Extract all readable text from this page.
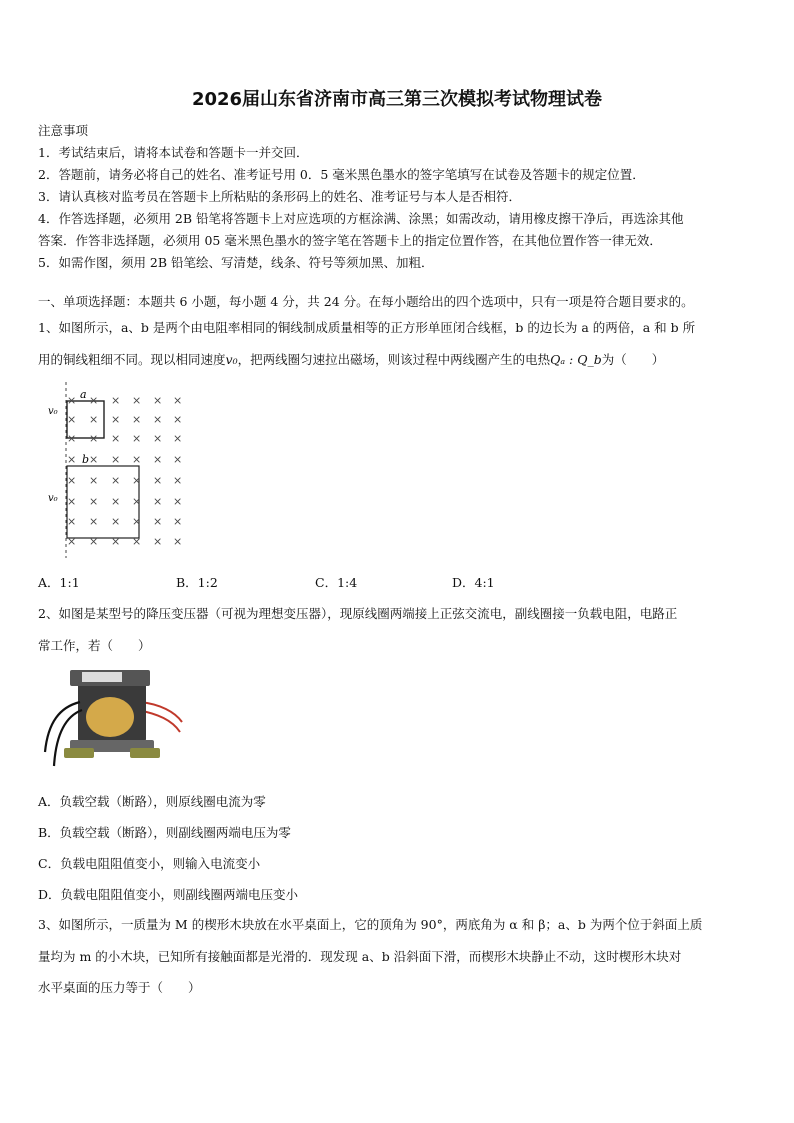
2026届山东省济南市高三第三次模拟考试物理试卷
注意事项
1．考试结束后，请将本试卷和答题卡一并交回．
2．答题前，请务必将自己的姓名、准考证号用 0．5 毫米黑色墨水的签字笔填写在试卷及答题卡的规定位置．
3．请认真核对监考员在答题卡上所粘贴的条形码上的姓名、准考证号与本人是否相符．
4．作答选择题，必须用 2B 铅笔将答题卡上对应选项的方框涂满、涂黑；如需改动，请用橡皮擦干净后，再选涂其他
答案．作答非选择题，必须用 05 毫米黑色墨水的签字笔在答题卡上的指定位置作答，在其他位置作答一律无效．
5．如需作图，须用 2B 铅笔绘、写清楚，线条、符号等须加黑、加粗．
一、单项选择题：本题共 6 小题，每小题 4 分，共 24 分。在每小题给出的四个选项中，只有一项是符合题目要求的。
1、如图所示，a、b 是两个由电阻率相同的铜线制成质量相等的正方形单匝闭合线框，b 的边长为 a 的两倍，a 和 b 所
用的铜线粗细不同。现以相同速度v₀，把两线圈匀速拉出磁场，则该过程中两线圈产生的电热Qₐ : Q_b为（　　）
× × × × × ×
× × × × × ×
× × × × × ×
× × × × × ×
× × × × × ×
× × × × × ×
× × × × × ×
× × × × × ×
a
b
v₀
v₀
A．1:1	B．1:2	C．1:4	D．4:1
2、如图是某型号的降压变压器（可视为理想变压器），现原线圈两端接上正弦交流电，副线圈接一负载电阻，电路正
常工作，若（　　）
A．负载空载（断路），则原线圈电流为零
B．负载空载（断路），则副线圈两端电压为零
C．负载电阻阻值变小，则输入电流变小
D．负载电阻阻值变小，则副线圈两端电压变小
3、如图所示，一质量为 M 的楔形木块放在水平桌面上，它的顶角为 90°，两底角为 α 和 β；a、b 为两个位于斜面上质
量均为 m 的小木块，已知所有接触面都是光滑的．现发现 a、b 沿斜面下滑，而楔形木块静止不动，这时楔形木块对
水平桌面的压力等于（　　）
